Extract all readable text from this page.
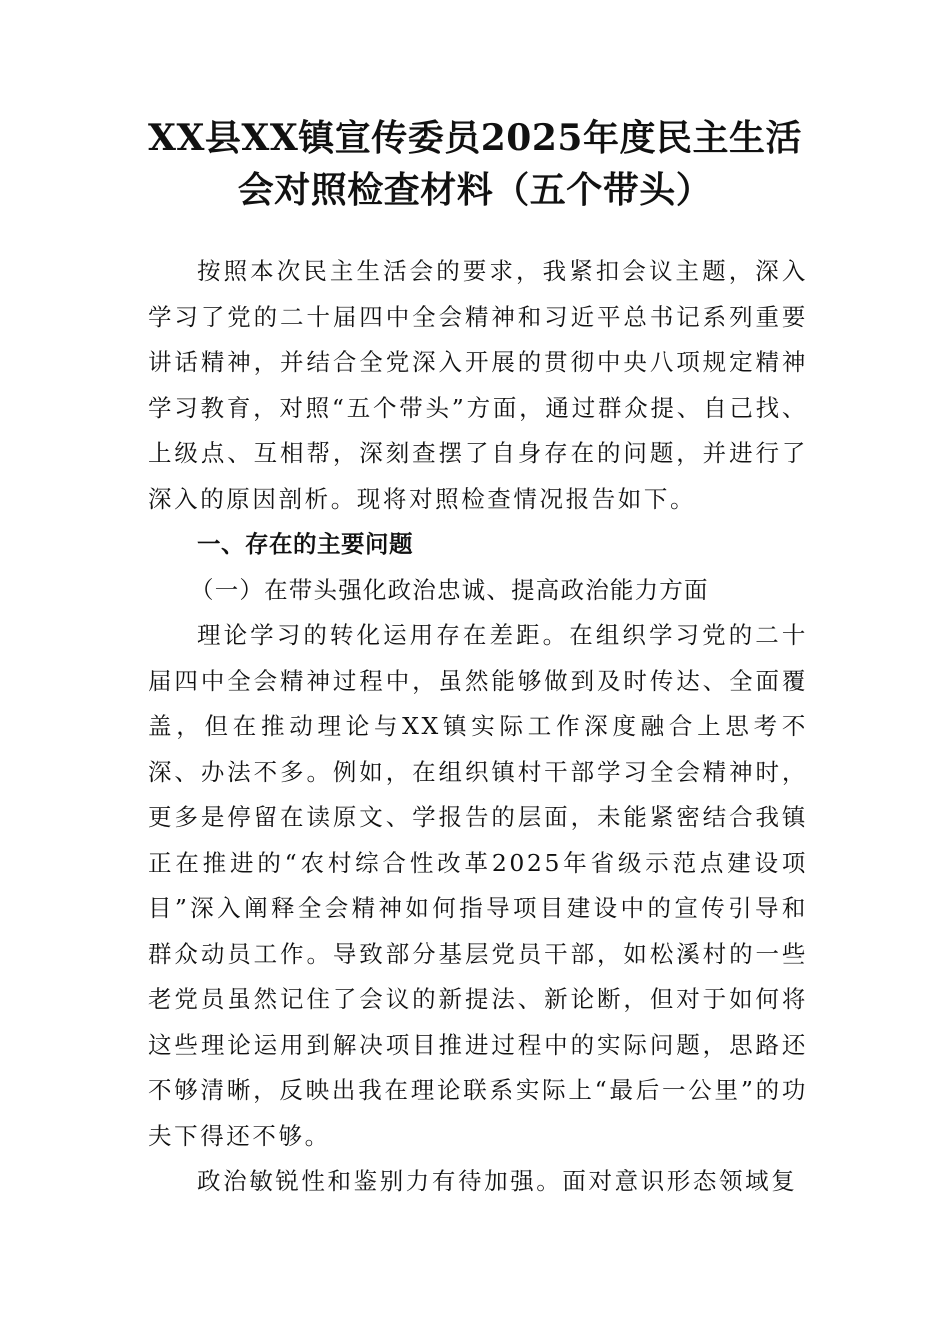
XX县XX镇宣传委员2025年度民主生活
会对照检查材料（五个带头）

按照本次民主生活会的要求，我紧扣会议主题，深入学习了党的二十届四中全会精神和习近平总书记系列重要讲话精神，并结合全党深入开展的贯彻中央八项规定精神学习教育，对照“五个带头”方面，通过群众提、自己找、上级点、互相帮，深刻查摆了自身存在的问题，并进行了深入的原因剖析。现将对照检查情况报告如下。

一、存在的主要问题

（一）在带头强化政治忠诚、提高政治能力方面

理论学习的转化运用存在差距。在组织学习党的二十届四中全会精神过程中，虽然能够做到及时传达、全面覆盖，但在推动理论与XX镇实际工作深度融合上思考不深、办法不多。例如，在组织镇村干部学习全会精神时，更多是停留在读原文、学报告的层面，未能紧密结合我镇正在推进的“农村综合性改革2025年省级示范点建设项目”深入阐释全会精神如何指导项目建设中的宣传引导和群众动员工作。导致部分基层党员干部，如松溪村的一些老党员虽然记住了会议的新提法、新论断，但对于如何将这些理论运用到解决项目推进过程中的实际问题，思路还不够清晰，反映出我在理论联系实际上“最后一公里”的功夫下得还不够。

政治敏锐性和鉴别力有待加强。面对意识形态领域复
